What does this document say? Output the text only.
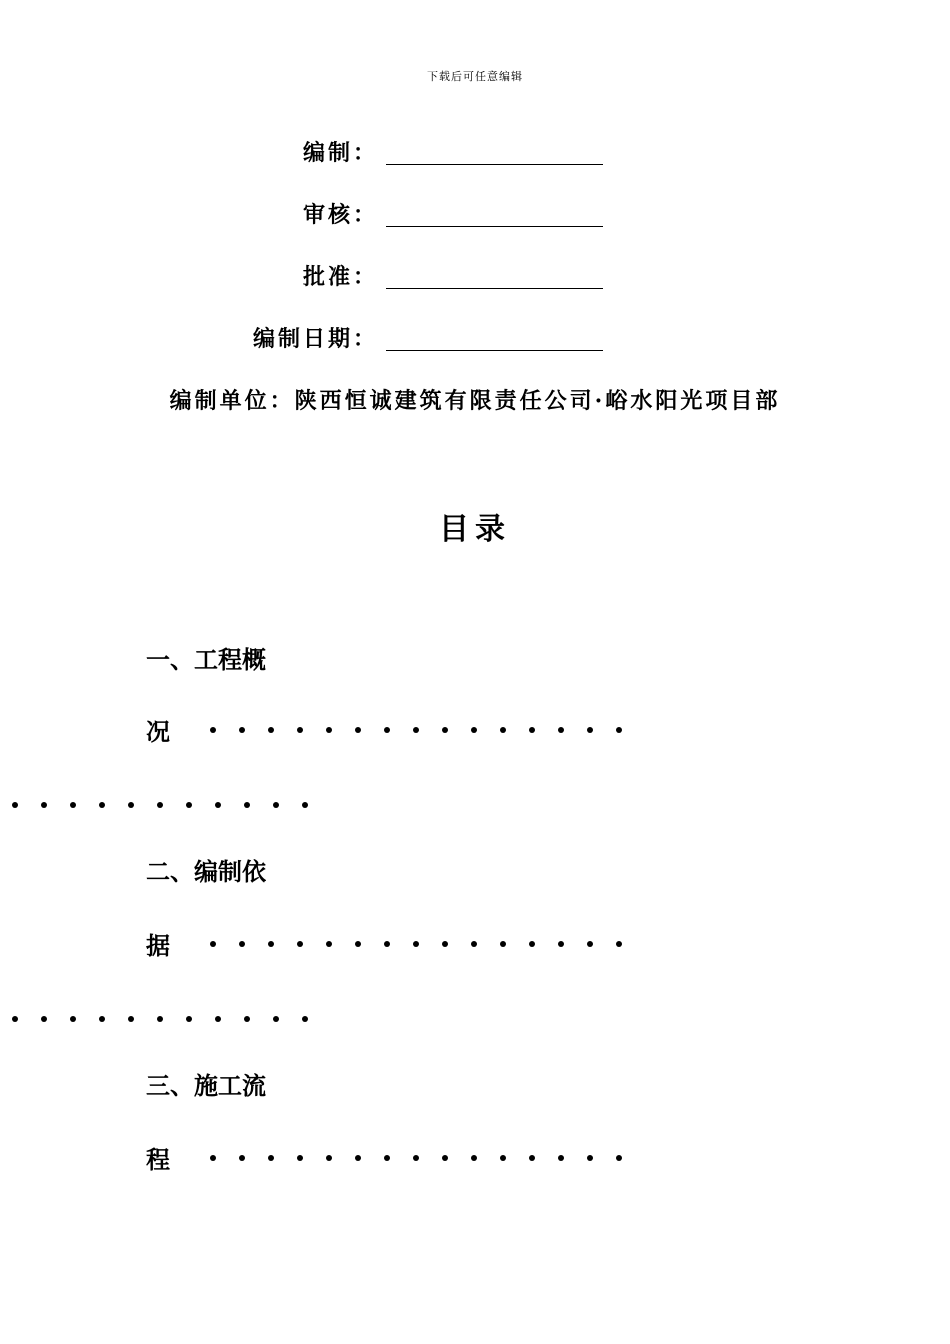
下载后可任意编辑
编制：
审核：
批准：
编制日期：
编制单位：陕西恒诚建筑有限责任公司·峪水阳光项目部
目录
一、工程概
况
二、编制依
据
三、施工流
程
